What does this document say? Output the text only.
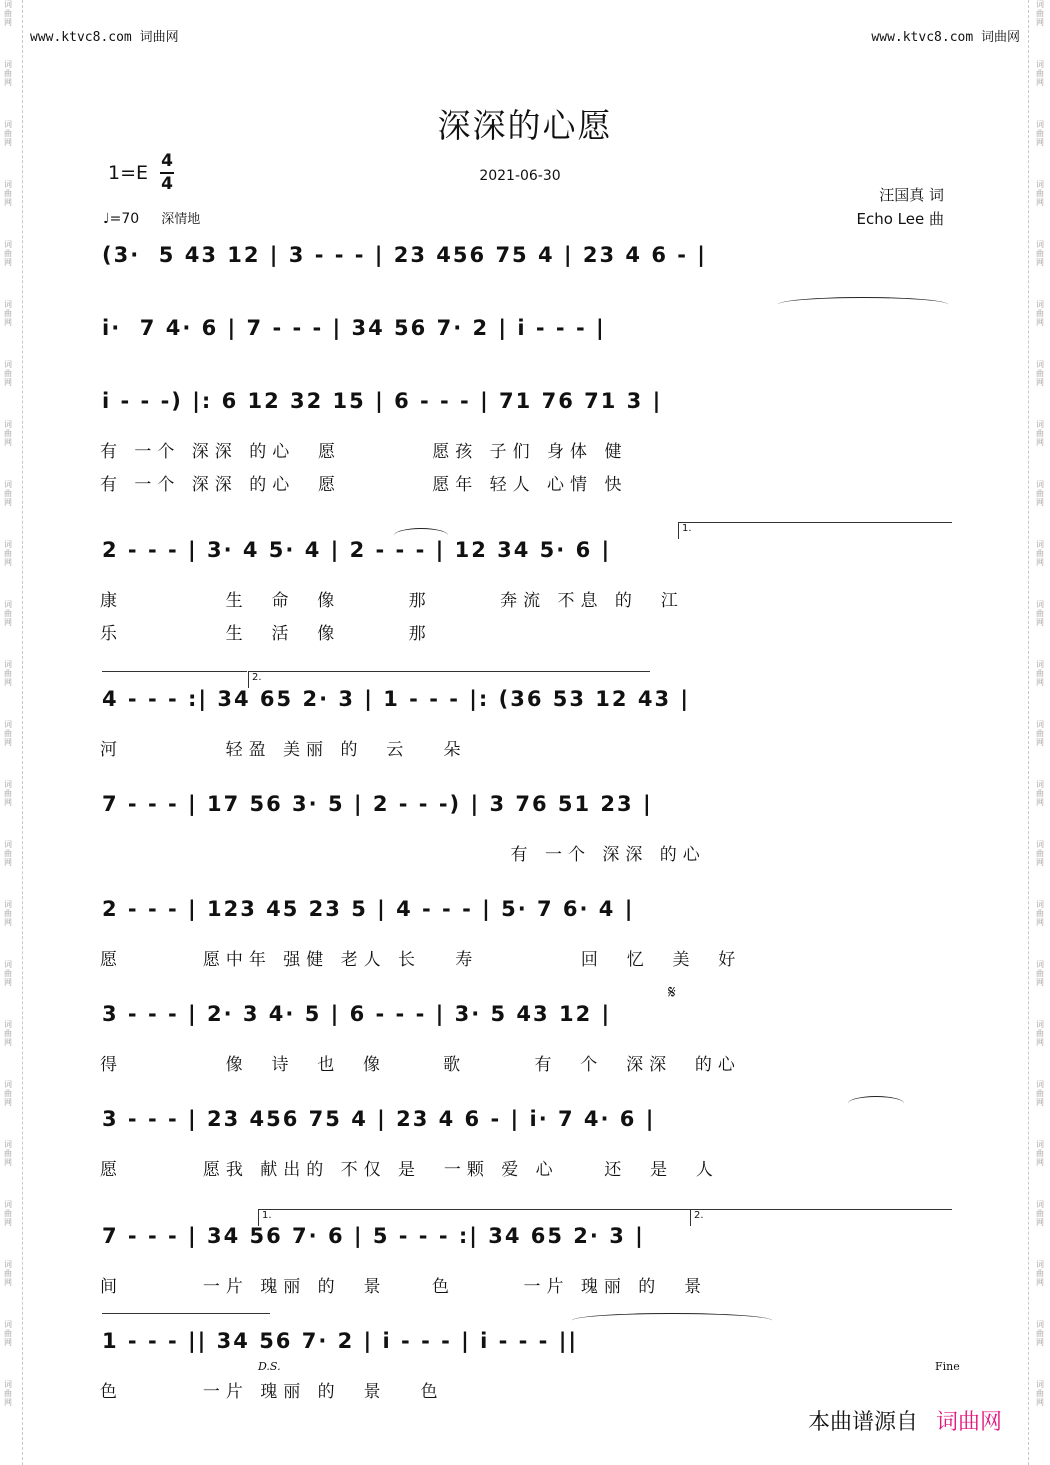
词
曲
网
词
曲
网
词
曲
网
词
曲
网
词
曲
网
词
曲
网
词
曲
网
词
曲
网
词
曲
网
词
曲
网
词
曲
网
词
曲
网
词
曲
网
词
曲
网
词
曲
网
词
曲
网
词
曲
网
词
曲
网
词
曲
网
词
曲
网
词
曲
网
词
曲
网
词
曲
网
词
曲
网
词
曲
网
词
曲
网
词
曲
网
词
曲
网
词
曲
网
词
曲
网
词
曲
网
词
曲
网
词
曲
网
词
曲
网
词
曲
网
词
曲
网
词
曲
网
词
曲
网
词
曲
网
词
曲
网
词
曲
网
词
曲
网
词
曲
网
词
曲
网
词
曲
网
词
曲
网
词
曲
网
词
曲
网
www.ktvc8.com 词曲网	www.ktvc8.com 词曲网
深深的心愿
2021-06-30
1=E
4
4
♩=70 深情地
汪国真 词
Echo Lee 曲
(3·  5 43 12 | 3 - - - | 23 456 75 4 | 23 4 6 - |
i·  7 4· 6 | 7 - - - | 34 56 7· 2 | i - - - |
i - - -) |: 6 12 32 15 | 6 - - - | 71 76 71 3 |
有 一个 深深 的心  愿        愿孩 子们 身体 健
有 一个 深深 的心  愿        愿年 轻人 心情 快
2 - - - | 3· 4 5· 4 | 2 - - - | 12 34 5· 6 |
康         生  命  像      那      奔流 不息 的  江
乐         生  活  像      那
4 - - - :| 34 65 2· 3 | 1 - - - |: (36 53 12 43 |
河         轻盈 美丽 的  云   朵
7 - - - | 17 56 3· 5 | 2 - - -) | 3 76 51 23 |
有 一个 深深 的心
2 - - - | 123 45 23 5 | 4 - - - | 5· 7 6· 4 |
愿       愿中年 强健 老人 长   寿         回  忆  美  好
3 - - - | 2· 3 4· 5 | 6 - - - | 3· 5 43 12 |
得         像  诗  也  像     歌      有  个  深深  的心
3 - - - | 23 456 75 4 | 23 4 6 - | i· 7 4· 6 |
愿       愿我 献出的 不仅 是  一颗 爱 心    还  是  人
7 - - - | 34 56 7· 6 | 5 - - - :| 34 65 2· 3 |
间       一片 瑰丽 的  景    色      一片 瑰丽 的  景
1 - - - || 34 56 7· 2 | i - - - | i - - - ||
色       一片 瑰丽 的  景   色
1.
2.
1.	2.
𝄋
D.S.	Fine
本曲谱源自 词曲网
